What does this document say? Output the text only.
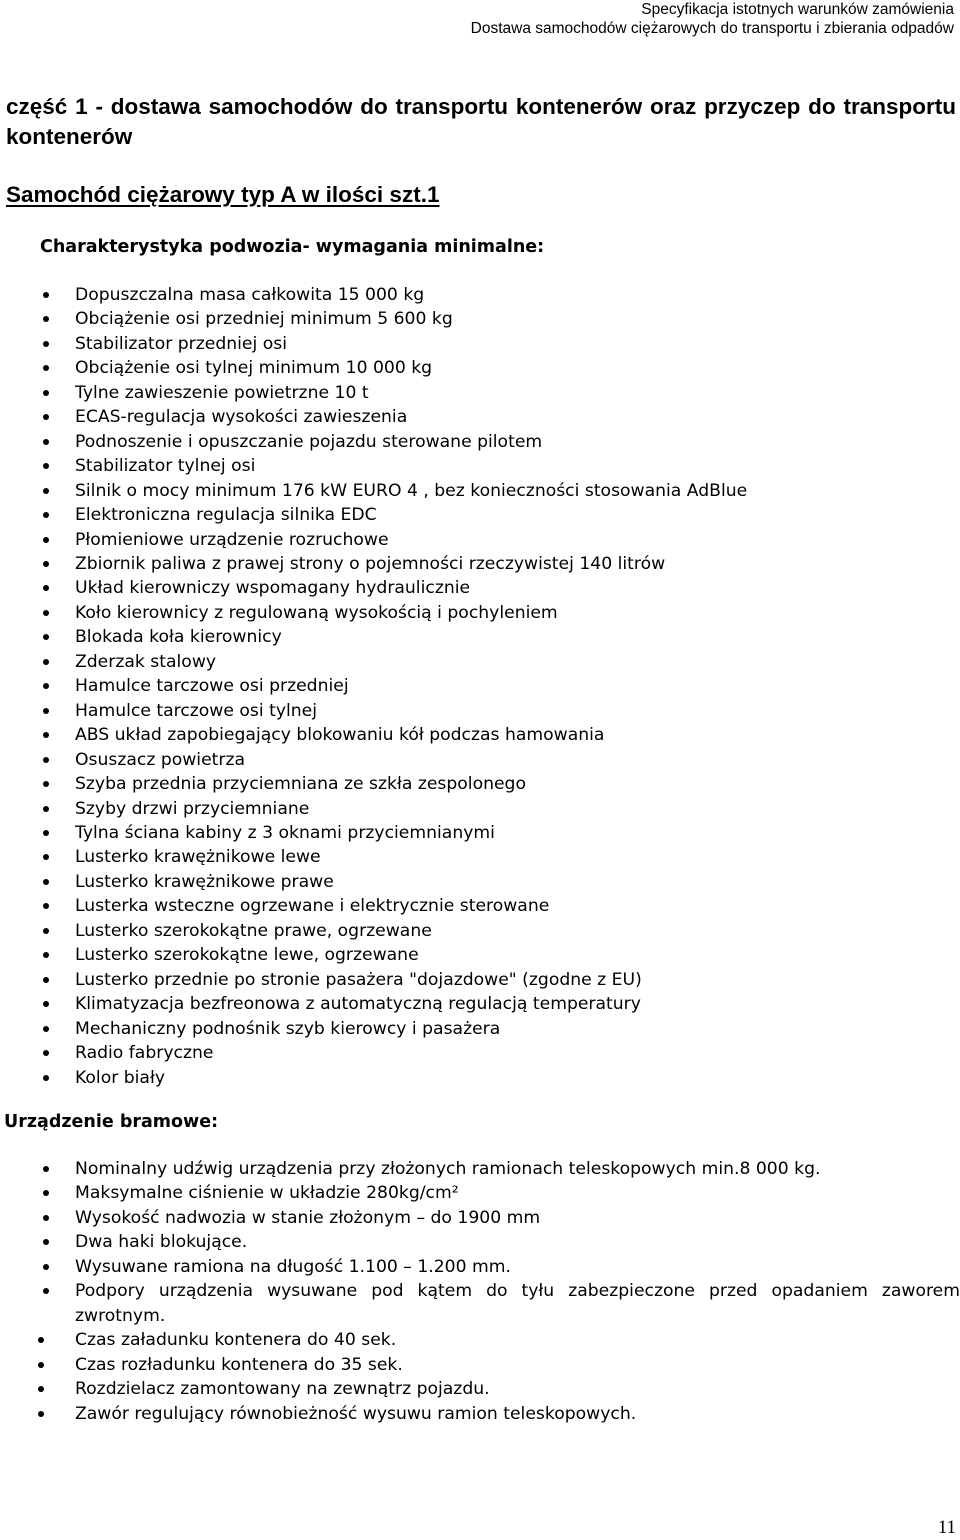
Specyfikacja istotnych warunków zamówienia
Dostawa samochodów ciężarowych do transportu i zbierania odpadów
część 1 - dostawa samochodów do transportu kontenerów oraz przyczep do transportu kontenerów
Samochód ciężarowy typ A w ilości szt.1
Charakterystyka podwozia- wymagania minimalne:
Dopuszczalna masa całkowita 15 000 kg
Obciążenie osi przedniej minimum 5 600 kg
Stabilizator przedniej osi
Obciążenie osi tylnej minimum 10 000 kg
Tylne zawieszenie powietrzne 10 t
ECAS-regulacja wysokości zawieszenia
Podnoszenie i opuszczanie pojazdu sterowane pilotem
Stabilizator tylnej osi
Silnik o mocy minimum 176 kW EURO 4 , bez konieczności stosowania AdBlue
Elektroniczna regulacja silnika EDC
Płomieniowe urządzenie rozruchowe
Zbiornik paliwa z prawej strony o pojemności rzeczywistej 140 litrów
Układ kierowniczy wspomagany hydraulicznie
Koło kierownicy z regulowaną wysokością i pochyleniem
Blokada koła kierownicy
Zderzak stalowy
Hamulce tarczowe osi przedniej
Hamulce tarczowe osi tylnej
ABS układ zapobiegający blokowaniu kół podczas hamowania
Osuszacz powietrza
Szyba przednia przyciemniana ze szkła zespolonego
Szyby drzwi przyciemniane
Tylna ściana kabiny z 3 oknami przyciemnianymi
Lusterko krawężnikowe lewe
Lusterko krawężnikowe prawe
Lusterka wsteczne ogrzewane i elektrycznie sterowane
Lusterko szerokokątne prawe, ogrzewane
Lusterko szerokokątne lewe, ogrzewane
Lusterko przednie po stronie pasażera "dojazdowe" (zgodne z EU)
Klimatyzacja bezfreonowa z automatyczną regulacją temperatury
Mechaniczny podnośnik szyb kierowcy i pasażera
Radio fabryczne
Kolor biały
Urządzenie bramowe:
Nominalny udźwig urządzenia przy złożonych ramionach teleskopowych min.8 000 kg.
Maksymalne ciśnienie w układzie 280kg/cm²
Wysokość nadwozia w stanie złożonym – do 1900 mm
Dwa haki blokujące.
Wysuwane ramiona na długość 1.100 – 1.200 mm.
Podpory urządzenia wysuwane pod kątem do tyłu zabezpieczone przed opadaniem zaworem zwrotnym.
Czas załadunku kontenera do 40 sek.
Czas rozładunku kontenera do 35 sek.
Rozdzielacz zamontowany na zewnątrz pojazdu.
Zawór regulujący równobieżność wysuwu ramion teleskopowych.
11
